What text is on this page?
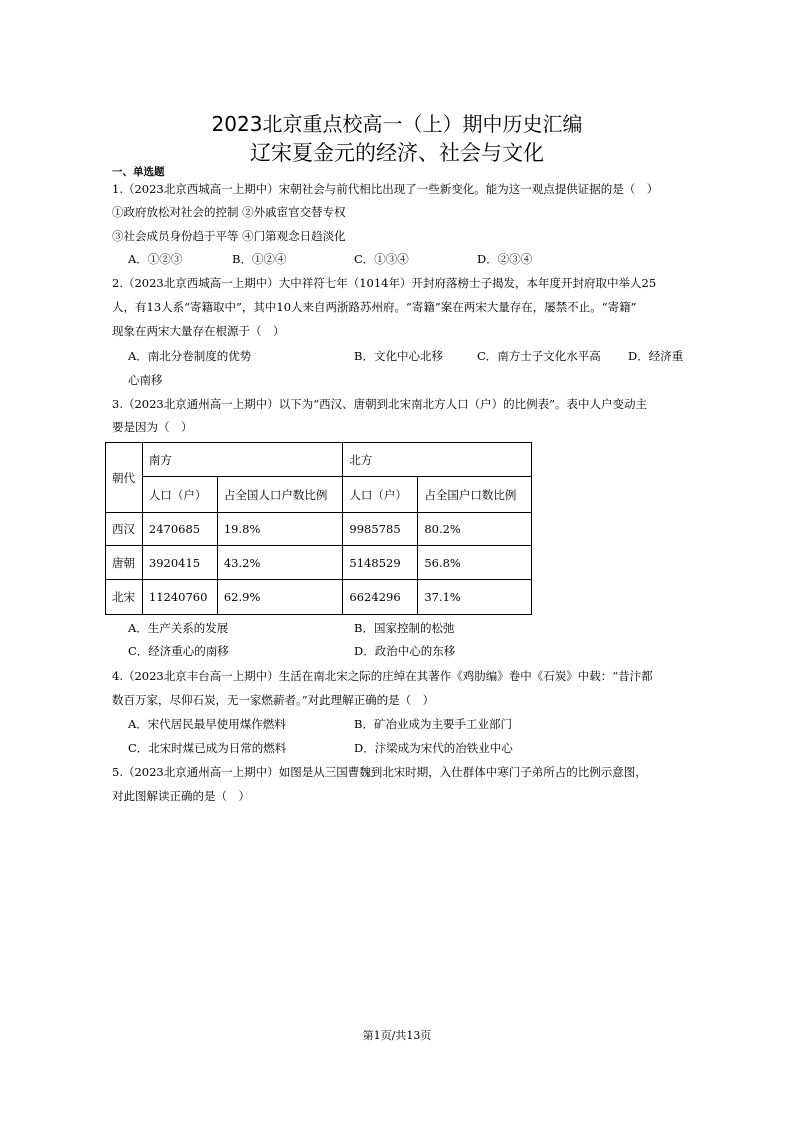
2023北京重点校高一（上）期中历史汇编
辽宋夏金元的经济、社会与文化
一、单选题
1.（2023北京西城高一上期中）宋朝社会与前代相比出现了一些新变化。能为这一观点提供证据的是（　）
①政府放松对社会的控制 ②外戚宦官交替专权
③社会成员身份趋于平等 ④门第观念日趋淡化
A．①②③	B．①②④	C．①③④	D．②③④
2.（2023北京西城高一上期中）大中祥符七年（1014年）开封府落榜士子揭发，本年度开封府取中举人25
人，有13人系“寄籍取中”，其中10人来自两浙路苏州府。“寄籍”案在两宋大量存在，屡禁不止。“寄籍”
现象在两宋大量存在根源于（　）
A．南北分卷制度的优势	B．文化中心北移	C．南方士子文化水平高 D．经济重
心南移
3.（2023北京通州高一上期中）以下为“西汉、唐朝到北宋南北方人口（户）的比例表”。表中人户变动主
要是因为（　）
朝代	南方		北方	
	人口（户）	占全国人口户数比例	人口（户）	占全国户口数比例
西汉	2470685	19.8%	9985785	80.2%
唐朝	3920415	43.2%	5148529	56.8%
北宋	11240760	62.9%	6624296	37.1%
A．生产关系的发展	B．国家控制的松弛
C．经济重心的南移	D．政治中心的东移
4.（2023北京丰台高一上期中）生活在南北宋之际的庄绰在其著作《鸡肋编》卷中《石炭》中载：“昔汴都
数百万家，尽仰石炭，无一家燃薪者。”对此理解正确的是（　）
A．宋代居民最早使用煤作燃料	B．矿冶业成为主要手工业部门
C．北宋时煤已成为日常的燃料	D．汴梁成为宋代的冶铁业中心
5.（2023北京通州高一上期中）如图是从三国曹魏到北宋时期，入仕群体中寒门子弟所占的比例示意图，
对此图解读正确的是（　）
第1页/共13页
